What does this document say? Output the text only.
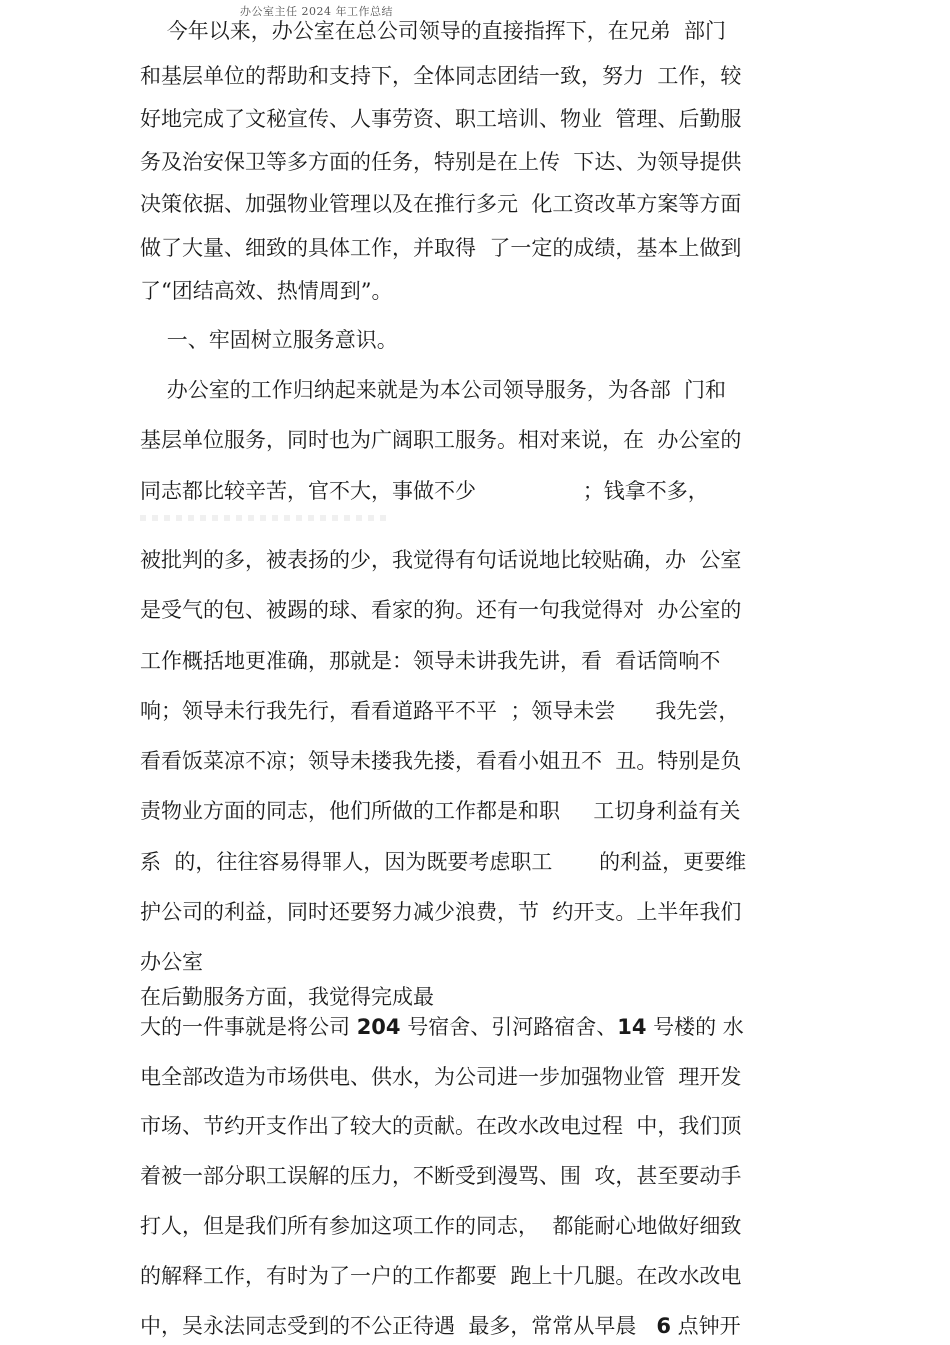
办公室主任 2024 年工作总结
今年以来，办公室在总公司领导的直接指挥下，在兄弟  部门
和基层单位的帮助和支持下，全体同志团结一致，努力  工作，较
好地完成了文秘宣传、人事劳资、职工培训、物业  管理、后勤服
务及治安保卫等多方面的任务，特别是在上传  下达、为领导提供
决策依据、加强物业管理以及在推行多元  化工资改革方案等方面
做了大量、细致的具体工作，并取得  了一定的成绩，基本上做到
了“团结高效、热情周到”。
一、牢固树立服务意识。
办公室的工作归纳起来就是为本公司领导服务，为各部  门和
基层单位服务，同时也为广阔职工服务。相对来说，在  办公室的
同志都比较辛苦，官不大，事做不少                ；钱拿不多，
被批判的多，被表扬的少，我觉得有句话说地比较贴确，办  公室
是受气的包、被踢的球、看家的狗。还有一句我觉得对  办公室的
工作概括地更准确，那就是：领导未讲我先讲，看  看话筒响不
响；领导未行我先行，看看道路平不平  ；领导未尝      我先尝，
看看饭菜凉不凉；领导未搂我先搂，看看小姐丑不  丑。特别是负
责物业方面的同志，他们所做的工作都是和职     工切身利益有关
系  的，往往容易得罪人，因为既要考虑职工       的利益，更要维
护公司的利益，同时还要努力减少浪费，节  约开支。上半年我们
办公室
在后勤服务方面，我觉得完成最
大的一件事就是将公司 204 号宿舍、引河路宿舍、14 号楼的 水
电全部改造为市场供电、供水，为公司进一步加强物业管  理开发
市场、节约开支作出了较大的贡献。在改水改电过程  中，我们顶
着被一部分职工误解的压力，不断受到漫骂、围  攻，甚至要动手
打人，但是我们所有参加这项工作的同志，  都能耐心地做好细致
的解释工作，有时为了一户的工作都要  跑上十几腿。在改水改电
中，吴永法同志受到的不公正待遇  最多，常常从早晨   6 点钟开
